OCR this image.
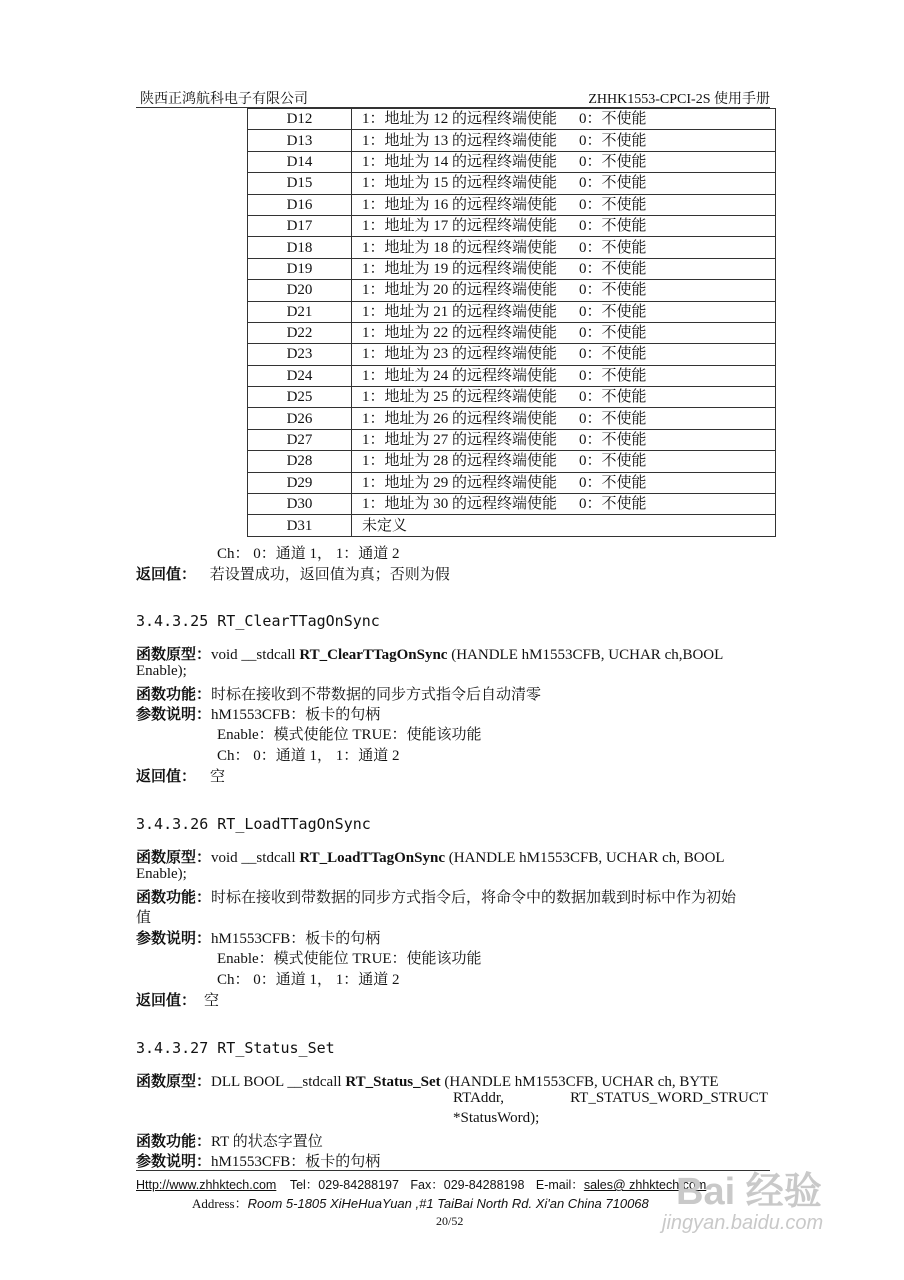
陕西正鸿航科电子有限公司	ZHHK1553-CPCI-2S 使用手册
D12	1：地址为 12 的远程终端使能 0：不使能
D13	1：地址为 13 的远程终端使能 0：不使能
D14	1：地址为 14 的远程终端使能 0：不使能
D15	1：地址为 15 的远程终端使能 0：不使能
D16	1：地址为 16 的远程终端使能 0：不使能
D17	1：地址为 17 的远程终端使能 0：不使能
D18	1：地址为 18 的远程终端使能 0：不使能
D19	1：地址为 19 的远程终端使能 0：不使能
D20	1：地址为 20 的远程终端使能 0：不使能
D21	1：地址为 21 的远程终端使能 0：不使能
D22	1：地址为 22 的远程终端使能 0：不使能
D23	1：地址为 23 的远程终端使能 0：不使能
D24	1：地址为 24 的远程终端使能 0：不使能
D25	1：地址为 25 的远程终端使能 0：不使能
D26	1：地址为 26 的远程终端使能 0：不使能
D27	1：地址为 27 的远程终端使能 0：不使能
D28	1：地址为 28 的远程终端使能 0：不使能
D29	1：地址为 29 的远程终端使能 0：不使能
D30	1：地址为 30 的远程终端使能 0：不使能
D31	未定义
Ch： 0：通道 1， 1：通道 2
返回值： 若设置成功，返回值为真；否则为假
3.4.3.25 RT_ClearTTagOnSync
函数原型：void __stdcall RT_ClearTTagOnSync (HANDLE hM1553CFB, UCHAR ch,BOOL
Enable);
函数功能：时标在接收到不带数据的同步方式指令后自动清零
参数说明：hM1553CFB：板卡的句柄
Enable：模式使能位 TRUE：使能该功能
Ch： 0：通道 1， 1：通道 2
返回值： 空
3.4.3.26 RT_LoadTTagOnSync
函数原型：void __stdcall RT_LoadTTagOnSync (HANDLE hM1553CFB, UCHAR ch, BOOL
Enable);
函数功能：时标在接收到带数据的同步方式指令后，将命令中的数据加载到时标中作为初始
值
参数说明：hM1553CFB：板卡的句柄
Enable：模式使能位 TRUE：使能该功能
Ch： 0：通道 1， 1：通道 2
返回值： 空
3.4.3.27 RT_Status_Set
函数原型：DLL BOOL __stdcall RT_Status_Set (HANDLE hM1553CFB, UCHAR ch, BYTE
RTAddr,	RT_STATUS_WORD_STRUCT
*StatusWord);
函数功能：RT 的状态字置位
参数说明：hM1553CFB：板卡的句柄
Http://www.zhhktech.com Tel：029-84288197 Fax：029-84288198 E-mail：sales@ zhhktech.com
Address：Room 5-1805 XiHeHuaYuan ,#1 TaiBai North Rd. Xi'an China 710068
20/52
Bai 经验
jingyan.baidu.com
